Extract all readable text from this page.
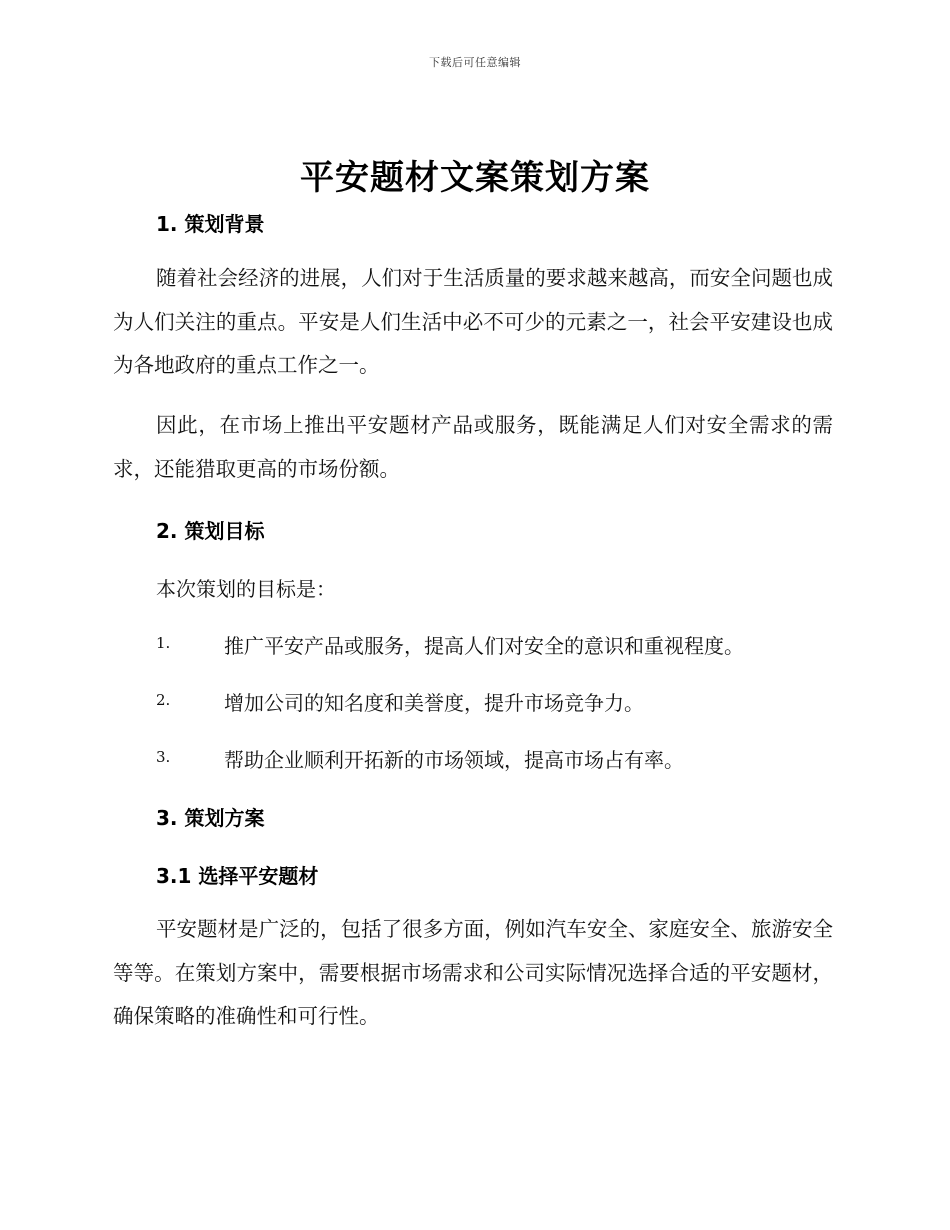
下载后可任意编辑
平安题材文案策划方案
1. 策划背景
随着社会经济的进展，人们对于生活质量的要求越来越高，而安全问题也成为人们关注的重点。平安是人们生活中必不可少的元素之一，社会平安建设也成为各地政府的重点工作之一。
因此，在市场上推出平安题材产品或服务，既能满足人们对安全需求的需求，还能猎取更高的市场份额。
2. 策划目标
本次策划的目标是：
1.	推广平安产品或服务，提高人们对安全的意识和重视程度。
2.	增加公司的知名度和美誉度，提升市场竞争力。
3.	帮助企业顺利开拓新的市场领域，提高市场占有率。
3. 策划方案
3.1 选择平安题材
平安题材是广泛的，包括了很多方面，例如汽车安全、家庭安全、旅游安全等等。在策划方案中，需要根据市场需求和公司实际情况选择合适的平安题材，确保策略的准确性和可行性。
